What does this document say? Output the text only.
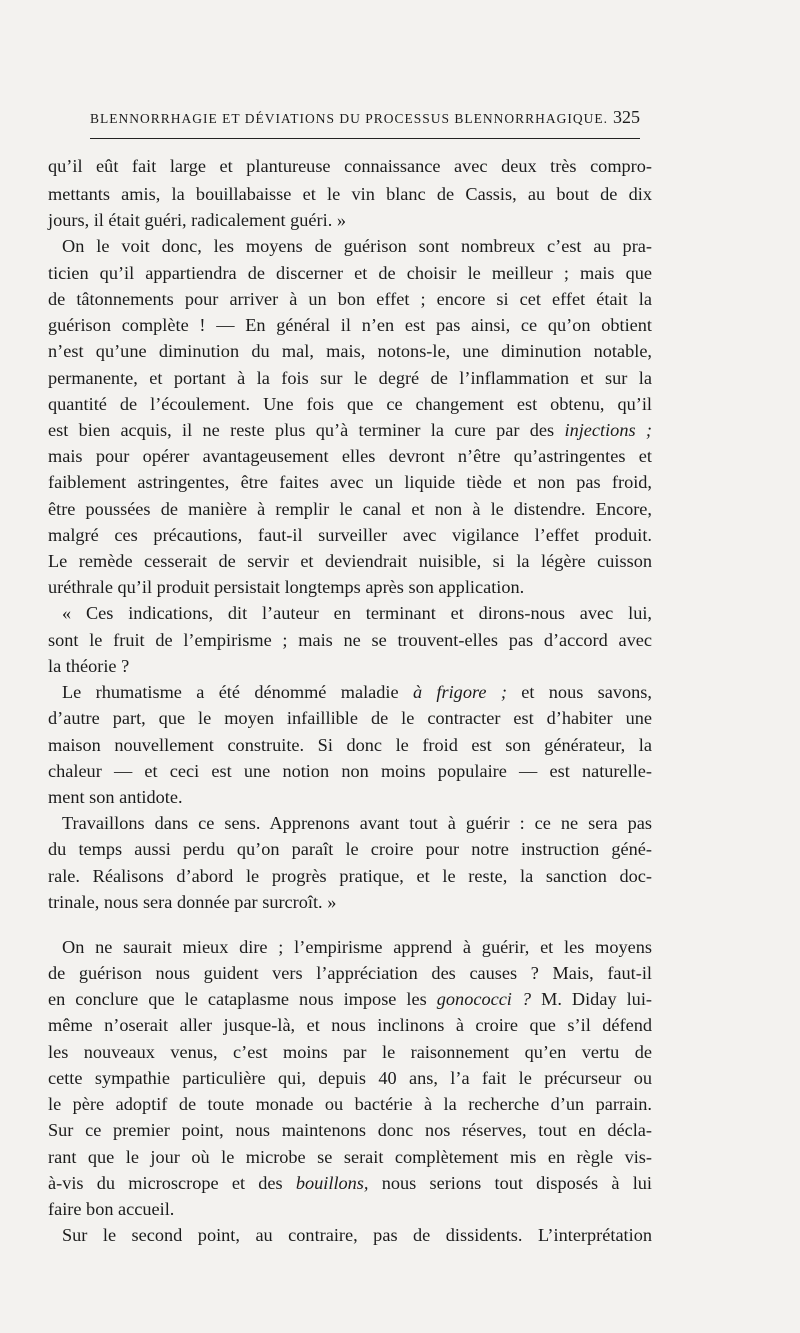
BLENNORRHAGIE ET DÉVIATIONS DU PROCESSUS BLENNORRHAGIQUE. 325
qu’il eût fait large et plantureuse connaissance avec deux très compro-
mettants amis, la bouillabaisse et le vin blanc de Cassis, au bout de dix
jours, il était guéri, radicalement guéri. »
On le voit donc, les moyens de guérison sont nombreux c’est au pra-
ticien qu’il appartiendra de discerner et de choisir le meilleur ; mais que
de tâtonnements pour arriver à un bon effet ; encore si cet effet était la
guérison complète ! — En général il n’en est pas ainsi, ce qu’on obtient
n’est qu’une diminution du mal, mais, notons-le, une diminution notable,
permanente, et portant à la fois sur le degré de l’inflammation et sur la
quantité de l’écoulement. Une fois que ce changement est obtenu, qu’il
est bien acquis, il ne reste plus qu’à terminer la cure par des injections ;
mais pour opérer avantageusement elles devront n’être qu’astringentes et
faiblement astringentes, être faites avec un liquide tiède et non pas froid,
être poussées de manière à remplir le canal et non à le distendre. Encore,
malgré ces précautions, faut-il surveiller avec vigilance l’effet produit.
Le remède cesserait de servir et deviendrait nuisible, si la légère cuisson
uréthrale qu’il produit persistait longtemps après son application.
« Ces indications, dit l’auteur en terminant et dirons-nous avec lui,
sont le fruit de l’empirisme ; mais ne se trouvent-elles pas d’accord avec
la théorie ?
Le rhumatisme a été dénommé maladie à frigore ; et nous savons,
d’autre part, que le moyen infaillible de le contracter est d’habiter une
maison nouvellement construite. Si donc le froid est son générateur, la
chaleur — et ceci est une notion non moins populaire — est naturelle-
ment son antidote.
Travaillons dans ce sens. Apprenons avant tout à guérir : ce ne sera pas
du temps aussi perdu qu’on paraît le croire pour notre instruction géné-
rale. Réalisons d’abord le progrès pratique, et le reste, la sanction doc-
trinale, nous sera donnée par surcroît. »
On ne saurait mieux dire ; l’empirisme apprend à guérir, et les moyens
de guérison nous guident vers l’appréciation des causes ? Mais, faut-il
en conclure que le cataplasme nous impose les gonococci ? M. Diday lui-
même n’oserait aller jusque-là, et nous inclinons à croire que s’il défend
les nouveaux venus, c’est moins par le raisonnement qu’en vertu de
cette sympathie particulière qui, depuis 40 ans, l’a fait le précurseur ou
le père adoptif de toute monade ou bactérie à la recherche d’un parrain.
Sur ce premier point, nous maintenons donc nos réserves, tout en décla-
rant que le jour où le microbe se serait complètement mis en règle vis-
à-vis du microscrope et des bouillons, nous serions tout disposés à lui
faire bon accueil.
Sur le second point, au contraire, pas de dissidents. L’interprétation
